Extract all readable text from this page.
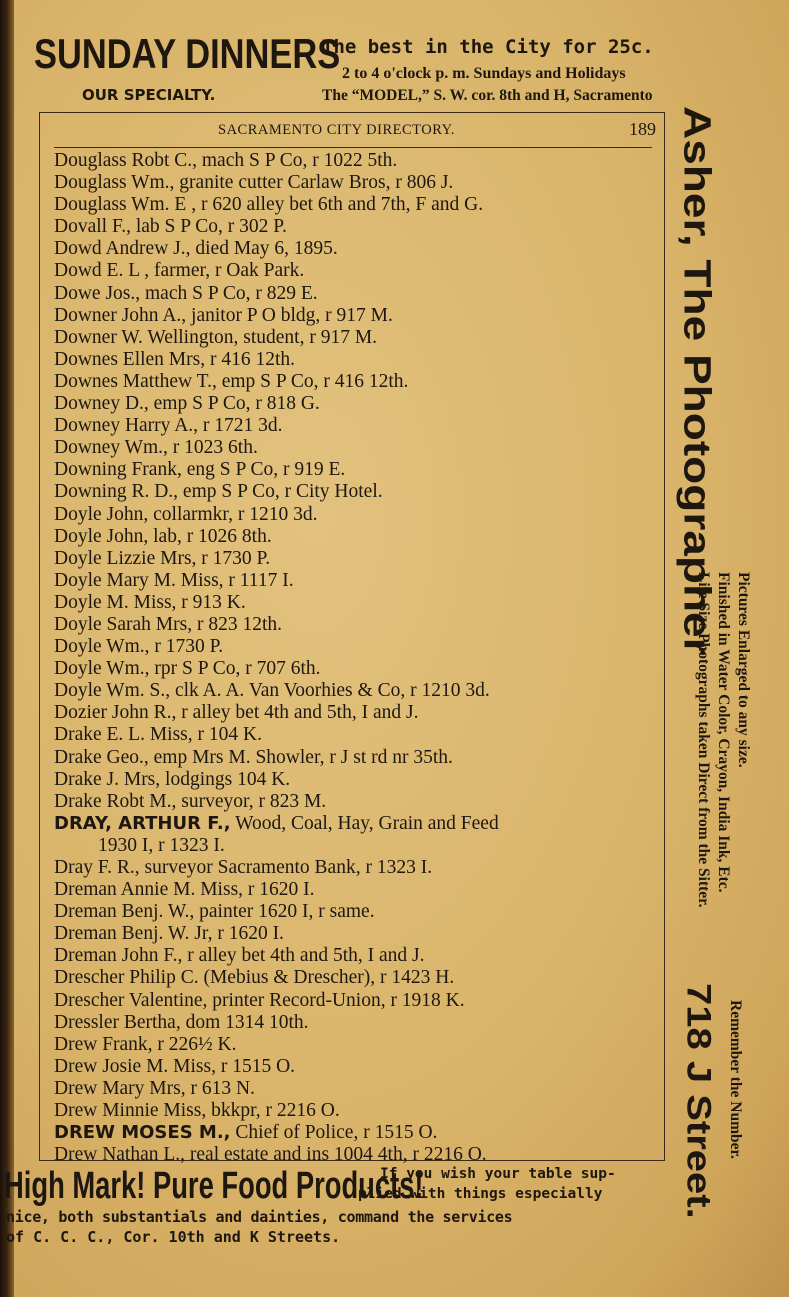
SUNDAY DINNERS
The best in the City for 25c.
2 to 4 o'clock p. m. Sundays and Holidays
OUR SPECIALTY.	The “MODEL,” S. W. cor. 8th and H, Sacramento
SACRAMENTO CITY DIRECTORY.	189
Douglass Robt C., mach S P Co, r 1022 5th.
Douglass Wm., granite cutter Carlaw Bros, r 806 J.
Douglass Wm. E , r 620 alley bet 6th and 7th, F and G.
Dovall F., lab S P Co, r 302 P.
Dowd Andrew J., died May 6, 1895.
Dowd E. L , farmer, r Oak Park.
Dowe Jos., mach S P Co, r 829 E.
Downer John A., janitor P O bldg, r 917 M.
Downer W. Wellington, student, r 917 M.
Downes Ellen Mrs, r 416 12th.
Downes Matthew T., emp S P Co, r 416 12th.
Downey D., emp S P Co, r 818 G.
Downey Harry A., r 1721 3d.
Downey Wm., r 1023 6th.
Downing Frank, eng S P Co, r 919 E.
Downing R. D., emp S P Co, r City Hotel.
Doyle John, collarmkr, r 1210 3d.
Doyle John, lab, r 1026 8th.
Doyle Lizzie Mrs, r 1730 P.
Doyle Mary M. Miss, r 1117 I.
Doyle M. Miss, r 913 K.
Doyle Sarah Mrs, r 823 12th.
Doyle Wm., r 1730 P.
Doyle Wm., rpr S P Co, r 707 6th.
Doyle Wm. S., clk A. A. Van Voorhies & Co, r 1210 3d.
Dozier John R., r alley bet 4th and 5th, I and J.
Drake E. L. Miss, r 104 K.
Drake Geo., emp Mrs M. Showler, r J st rd nr 35th.
Drake J. Mrs, lodgings 104 K.
Drake Robt M., surveyor, r 823 M.
DRAY, ARTHUR F., Wood, Coal, Hay, Grain and Feed
1930 I, r 1323 I.
Dray F. R., surveyor Sacramento Bank, r 1323 I.
Dreman Annie M. Miss, r 1620 I.
Dreman Benj. W., painter 1620 I, r same.
Dreman Benj. W. Jr, r 1620 I.
Dreman John F., r alley bet 4th and 5th, I and J.
Drescher Philip C. (Mebius & Drescher), r 1423 H.
Drescher Valentine, printer Record-Union, r 1918 K.
Dressler Bertha, dom 1314 10th.
Drew Frank, r 226½ K.
Drew Josie M. Miss, r 1515 O.
Drew Mary Mrs, r 613 N.
Drew Minnie Miss, bkkpr, r 2216 O.
DREW MOSES M., Chief of Police, r 1515 O.
Drew Nathan L., real estate and ins 1004 4th, r 2216 O.
Asher, The Photographer
Pictures Enlarged to any size.
Finished in Water Color, Crayon, India Ink, Etc.
Life Size Photographs taken Direct from the Sitter.
718 J Street. Remember the Number.
High Mark! Pure Food Products!
If you wish your table sup-
plied with things especially
nice, both substantials and dainties, command the services
of C. C. C., Cor. 10th and K Streets.
